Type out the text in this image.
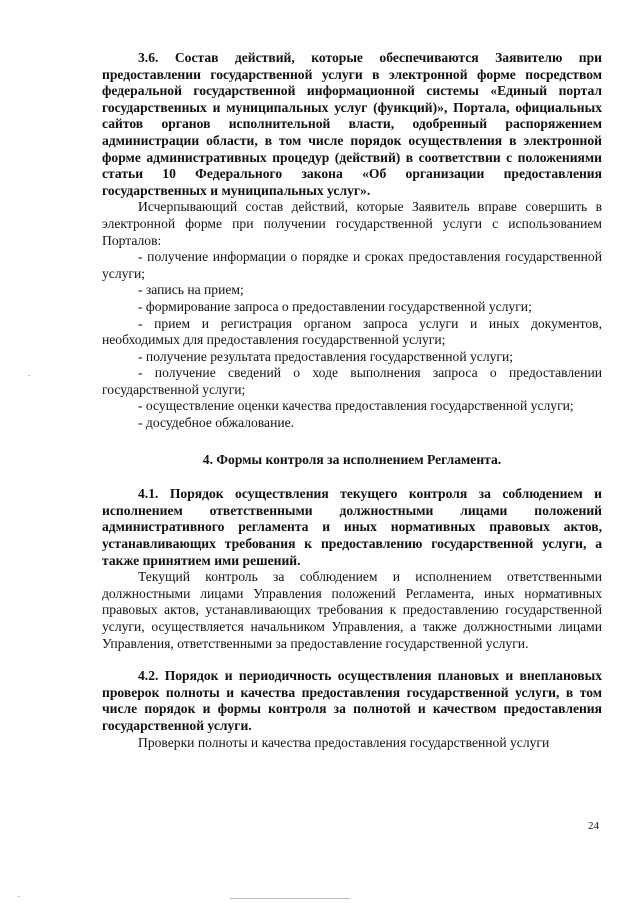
3.6. Состав действий, которые обеспечиваются Заявителю при предоставлении государственной услуги в электронной форме посредством федеральной государственной информационной системы «Единый портал государственных и муниципальных услуг (функций)», Портала, официальных сайтов органов исполнительной власти, одобренный распоряжением администрации области, в том числе порядок осуществления в электронной форме административных процедур (действий) в соответствии с положениями статьи 10 Федерального закона «Об организации предоставления государственных и муниципальных услуг».

Исчерпывающий состав действий, которые Заявитель вправе совершить в электронной форме при получении государственной услуги с использованием Порталов:

- получение информации о порядке и сроках предоставления государственной услуги;

- запись на прием;

- формирование запроса о предоставлении государственной услуги;

- прием и регистрация органом запроса услуги и иных документов, необходимых для предоставления государственной услуги;

- получение результата предоставления государственной услуги;

- получение сведений о ходе выполнения запроса о предоставлении государственной услуги;

- осуществление оценки качества предоставления государственной услуги;

- досудебное обжалование.

4. Формы контроля за исполнением Регламента.

4.1. Порядок осуществления текущего контроля за соблюдением и исполнением ответственными должностными лицами положений административного регламента и иных нормативных правовых актов, устанавливающих требования к предоставлению государственной услуги, а также принятием ими решений.

Текущий контроль за соблюдением и исполнением ответственными должностными лицами Управления положений Регламента, иных нормативных правовых актов, устанавливающих требования к предоставлению государственной услуги, осуществляется начальником Управления, а также должностными лицами Управления, ответственными за предоставление государственной услуги.

4.2. Порядок и периодичность осуществления плановых и внеплановых проверок полноты и качества предоставления государственной услуги, в том числе порядок и формы контроля за полнотой и качеством предоставления государственной услуги.

Проверки полноты и качества предоставления государственной услуги

24
